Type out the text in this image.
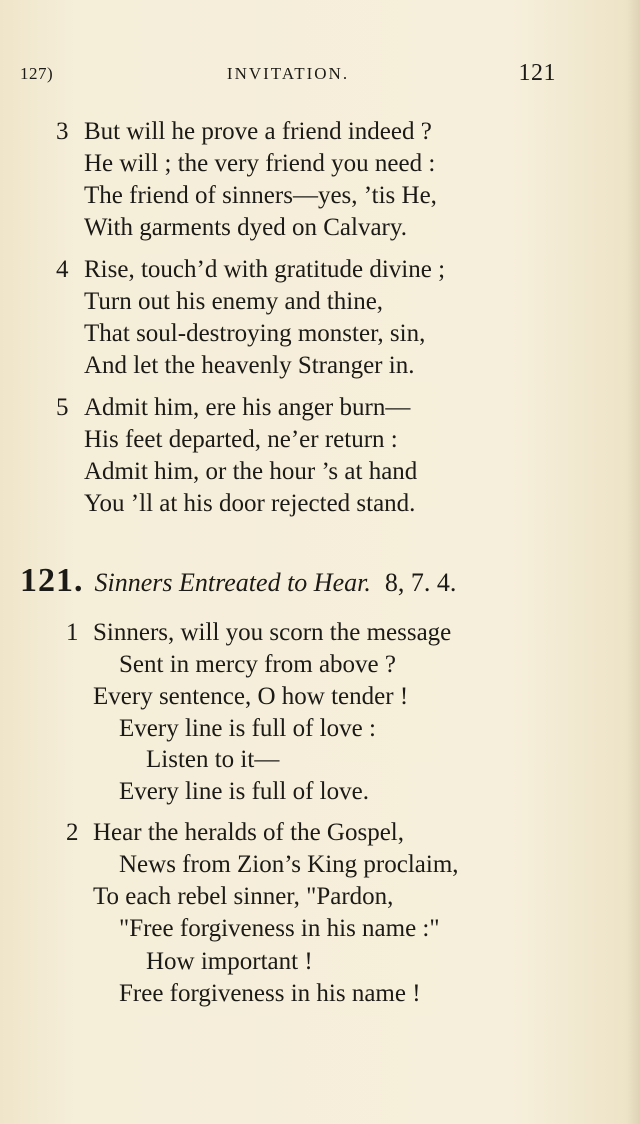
127)	INVITATION.	121
3 But will he prove a friend indeed ?
He will ; the very friend you need :
The friend of sinners—yes, ’tis He,
With garments dyed on Calvary.
4 Rise, touch’d with gratitude divine ;
Turn out his enemy and thine,
That soul-destroying monster, sin,
And let the heavenly Stranger in.
5 Admit him, ere his anger burn—
His feet departed, ne’er return :
Admit him, or the hour ’s at hand
You ’ll at his door rejected stand.
121. Sinners Entreated to Hear. 8, 7. 4.
1 Sinners, will you scorn the message
Sent in mercy from above ?
Every sentence, O how tender !
Every line is full of love :
Listen to it—
Every line is full of love.
2 Hear the heralds of the Gospel,
News from Zion’s King proclaim,
To each rebel sinner, "Pardon,
"Free forgiveness in his name :"
How important !
Free forgiveness in his name !
